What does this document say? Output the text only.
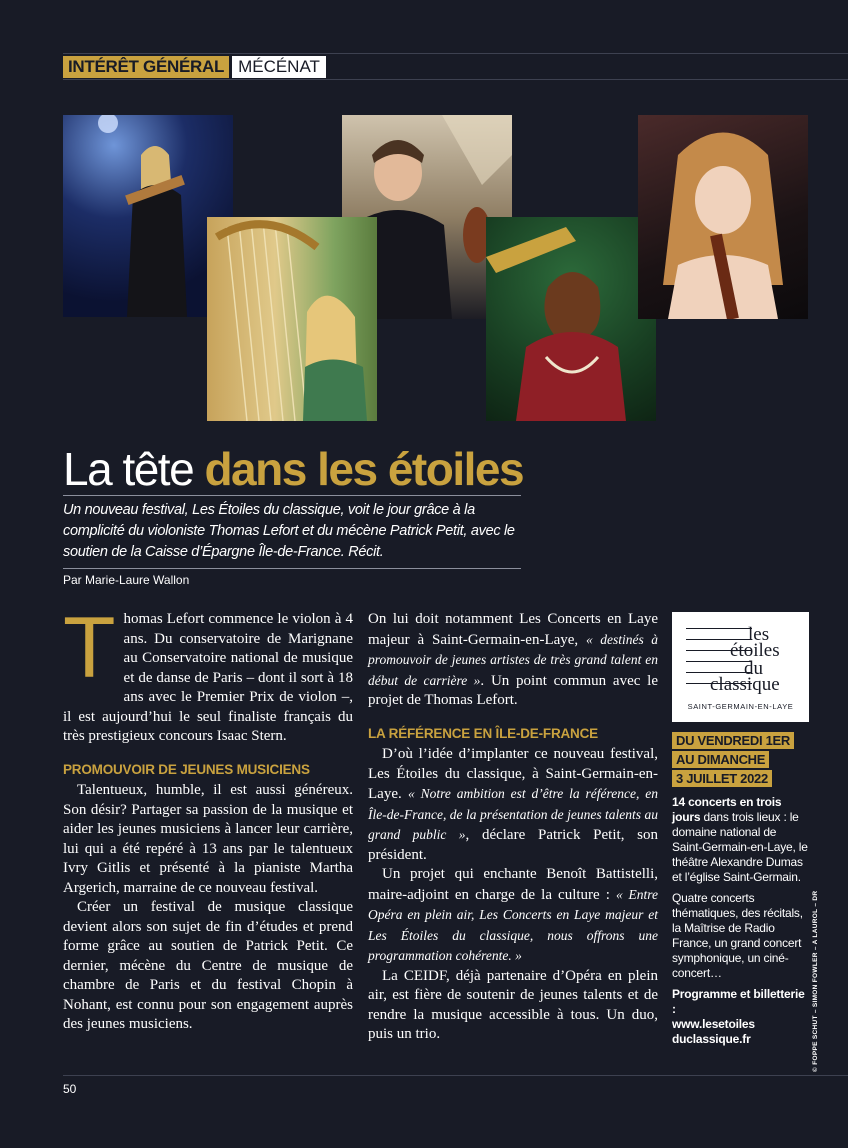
INTÉRÊT GÉNÉRAL MÉCÉNAT
La tête dans les étoiles
Un nouveau festival, Les Étoiles du classique, voit le jour grâce à la complicité du violoniste Thomas Lefort et du mécène Patrick Petit, avec le soutien de la Caisse d’Épargne Île-de-France. Récit.
Par Marie-Laure Wallon
T homas Lefort commence le violon à 4 ans. Du conservatoire de Marignane au Conservatoire national de musique et de danse de Paris – dont il sort à 18 ans avec le Premier Prix de violon –, il est aujourd’hui le seul finaliste français du très prestigieux concours Isaac Stern.

PROMOUVOIR DE JEUNES MUSICIENS

Talentueux, humble, il est aussi généreux. Son désir? Partager sa passion de la musique et aider les jeunes musiciens à lancer leur carrière, lui qui a été repéré à 13 ans par le talentueux Ivry Gitlis et présenté à la pianiste Martha Argerich, marraine de ce nouveau festival.

Créer un festival de musique classique devient alors son sujet de fin d’études et prend forme grâce au soutien de Patrick Petit. Ce dernier, mécène du Centre de musique de chambre de Paris et du festival Chopin à Nohant, est connu pour son engagement auprès des jeunes musiciens.

On lui doit notamment Les Concerts en Laye majeur à Saint-Germain-en-Laye, « destinés à promouvoir de jeunes artistes de très grand talent en début de carrière ». Un point commun avec le projet de Thomas Lefort.

LA RÉFÉRENCE EN ÎLE-DE-FRANCE

D’où l’idée d’implanter ce nouveau festival, Les Étoiles du classique, à Saint-Germain-en-Laye. « Notre ambition est d’être la référence, en Île-de-France, de la présentation de jeunes talents au grand public », déclare Patrick Petit, son président.

Un projet qui enchante Benoît Battistelli, maire-adjoint en charge de la culture : « Entre Opéra en plein air, Les Concerts en Laye majeur et Les Étoiles du classique, nous offrons une programmation cohérente. »

La CEIDF, déjà partenaire d’Opéra en plein air, est fière de soutenir de jeunes talents et de rendre la musique accessible à tous. Un duo, puis un trio.

les
étoiles
du
classique
SAINT-GERMAIN-EN-LAYE
DU VENDREDI 1ER
AU DIMANCHE
3 JUILLET 2022

14 concerts en trois jours dans trois lieux : le domaine national de Saint-Germain-en-Laye, le théâtre Alexandre Dumas et l’église Saint-Germain.

Quatre concerts thématiques, des récitals, la Maîtrise de Radio France, un grand concert symphonique, un ciné-concert…

Programme et billetterie :
www.lesetoiles duclassique.fr	© FOPPE SCHUT – SIMON FOWLER – A LAUROL – DR
50
